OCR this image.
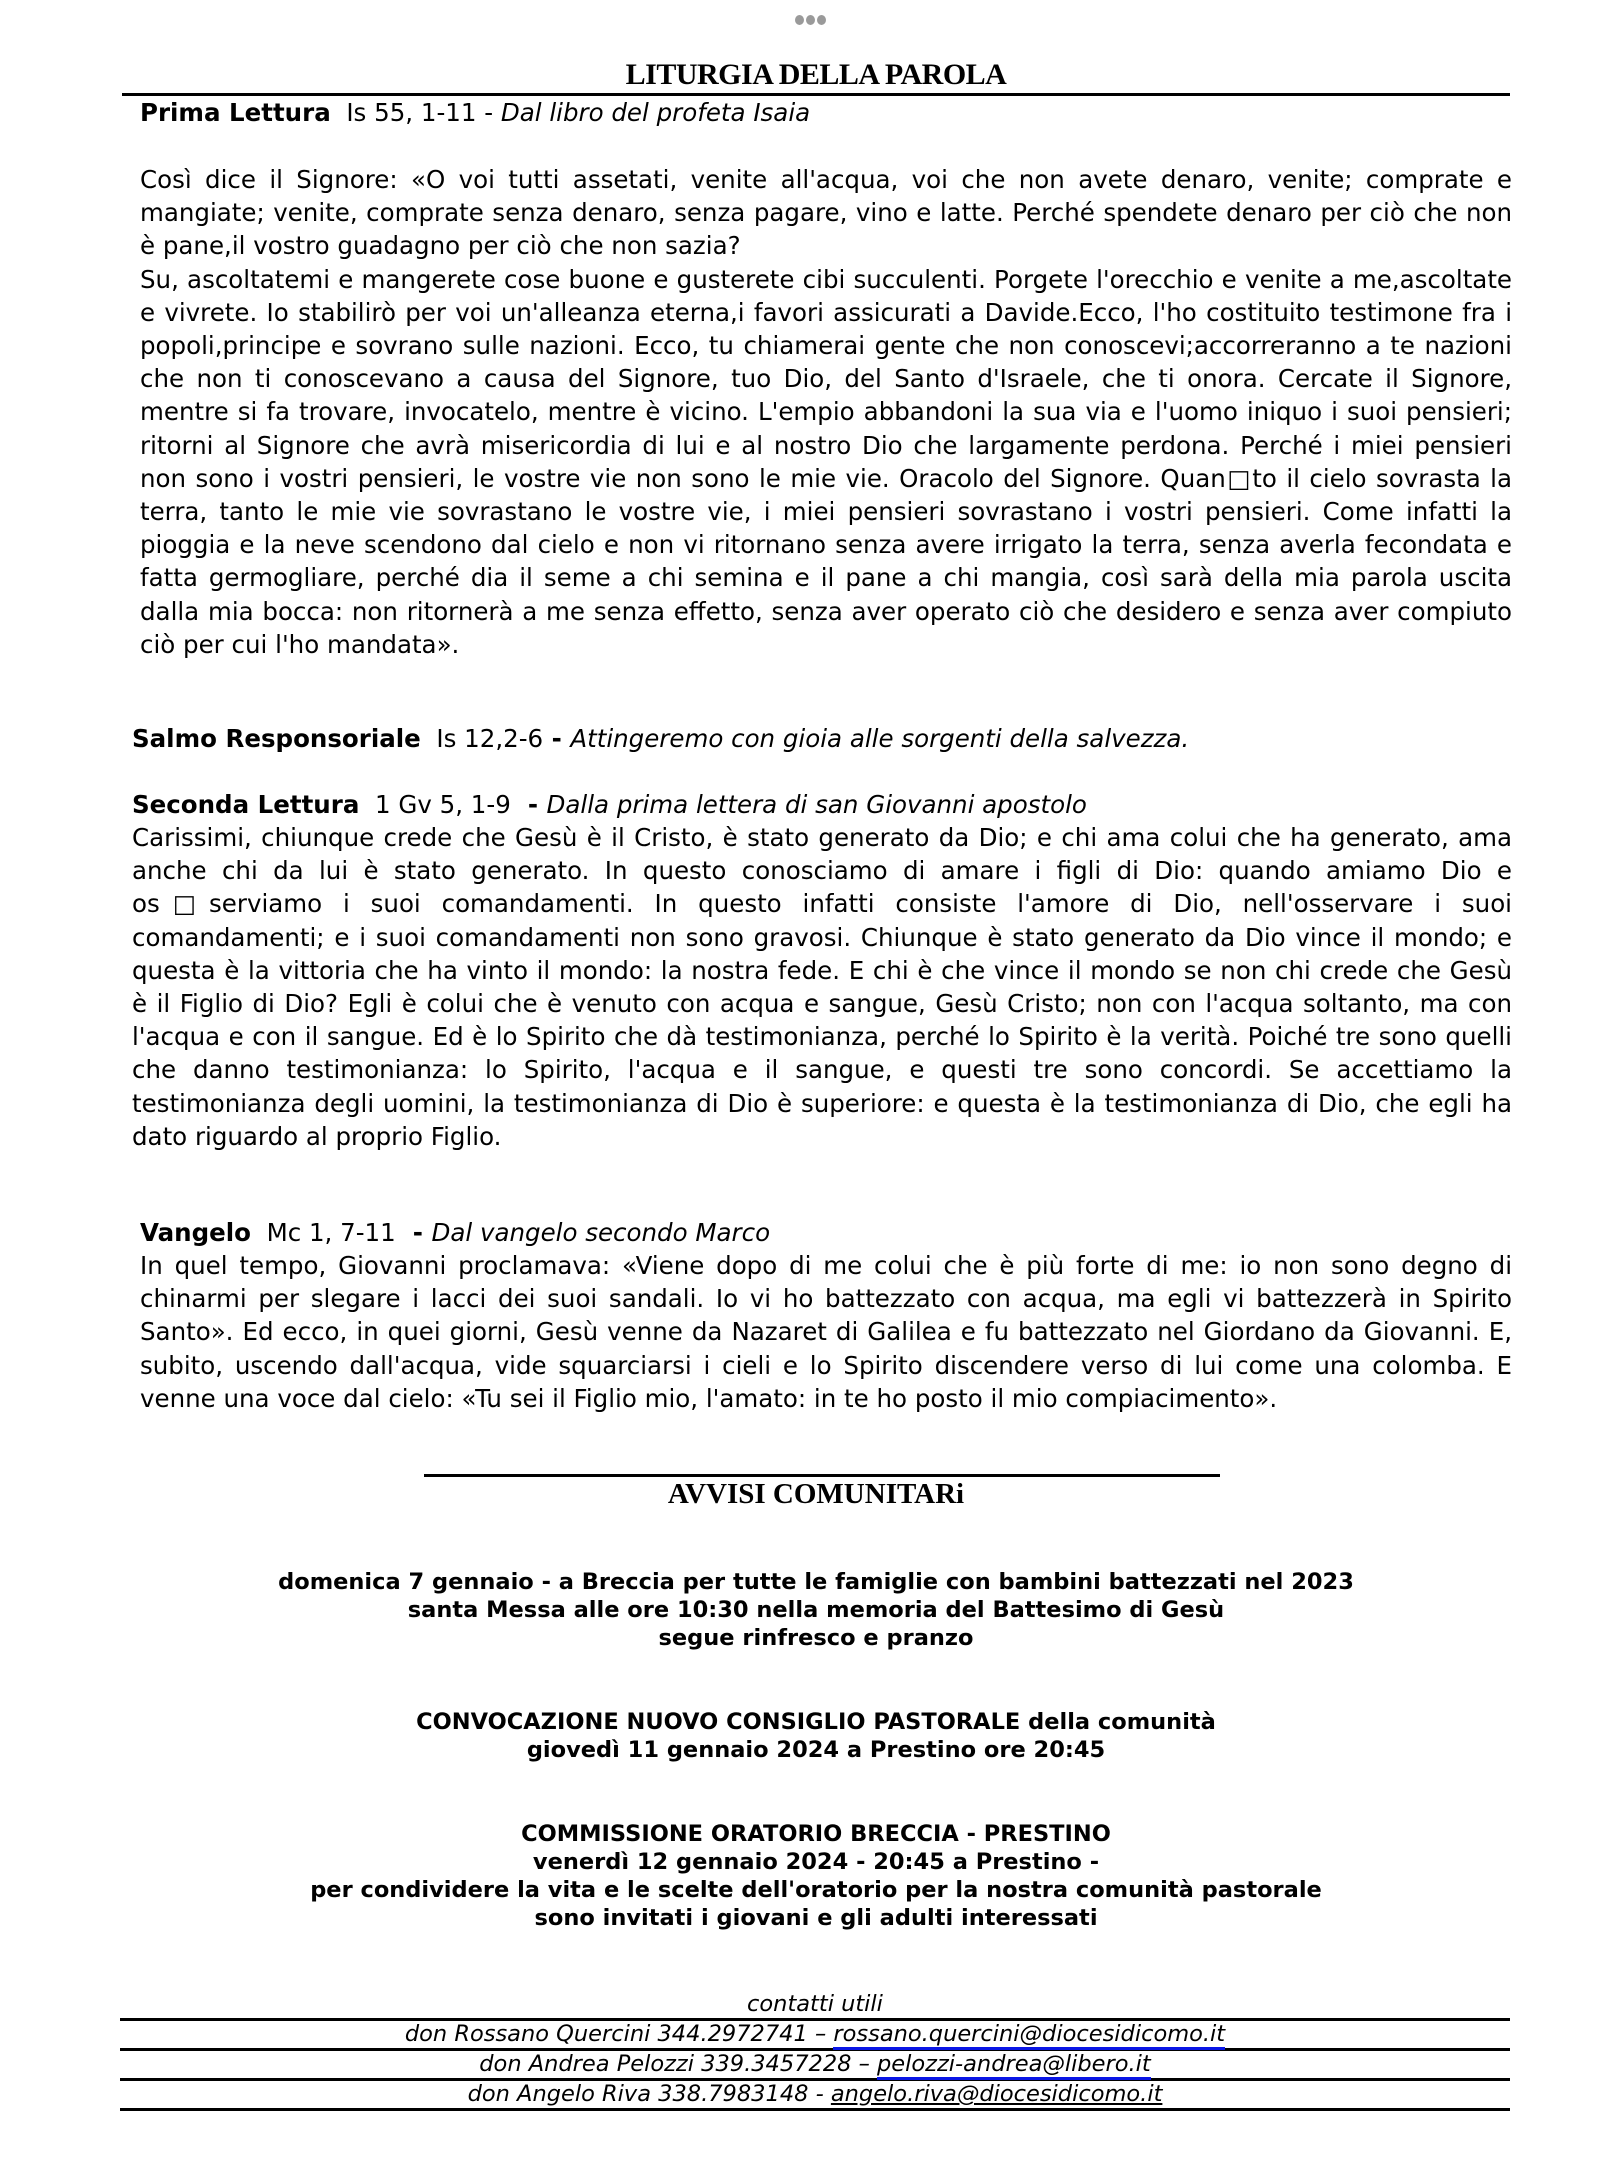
LITURGIA DELLA PAROLA
Prima Lettura Is 55, 1-11 - Dal libro del profeta Isaia
Così dice il Signore: «O voi tutti assetati, venite all'acqua, voi che non avete denaro, venite; comprate e mangiate; venite, comprate senza denaro, senza pagare, vino e latte. Perché spendete denaro per ciò che non è pane,il vostro guadagno per ciò che non sazia?
Su, ascoltatemi e mangerete cose buone e gusterete cibi succulenti. Porgete l'orecchio e venite a me,ascoltate e vivrete. Io stabilirò per voi un'alleanza eterna,i favori assicurati a Davide.Ecco, l'ho costituito testimone fra i popoli,principe e sovrano sulle nazioni. Ecco, tu chiamerai gente che non conoscevi;accorreranno a te nazioni che non ti conoscevano a causa del Signore, tuo Dio, del Santo d'Israele, che ti onora. Cercate il Signore, mentre si fa trovare, invocatelo, mentre è vicino. L'empio abbandoni la sua via e l'uomo iniquo i suoi pensieri; ritorni al Signore che avrà misericordia di lui e al nostro Dio che largamente perdona. Perché i miei pensieri non sono i vostri pensieri, le vostre vie non sono le mie vie. Oracolo del Signore. Quan□to il cielo sovrasta la terra, tanto le mie vie sovrastano le vostre vie, i miei pensieri sovrastano i vostri pensieri. Come infatti la pioggia e la neve scendono dal cielo e non vi ritornano senza avere irrigato la terra, senza averla fecondata e fatta germogliare, perché dia il seme a chi semina e il pane a chi mangia, così sarà della mia parola uscita dalla mia bocca: non ritornerà a me senza effetto, senza aver operato ciò che desidero e senza aver compiuto ciò per cui l'ho mandata».
Salmo Responsoriale Is 12,2-6 - Attingeremo con gioia alle sorgenti della salvezza.
Seconda Lettura 1 Gv 5, 1-9  - Dalla prima lettera di san Giovanni apostolo
Carissimi, chiunque crede che Gesù è il Cristo, è stato generato da Dio; e chi ama colui che ha generato, ama anche chi da lui è stato generato. In questo conosciamo di amare i figli di Dio: quando amiamo Dio e os□serviamo i suoi comandamenti. In questo infatti consiste l'amore di Dio, nell'osservare i suoi comandamenti; e i suoi comandamenti non sono gravosi. Chiunque è stato generato da Dio vince il mondo; e questa è la vittoria che ha vinto il mondo: la nostra fede. E chi è che vince il mondo se non chi crede che Gesù è il Figlio di Dio? Egli è colui che è venuto con acqua e sangue, Gesù Cristo; non con l'acqua soltanto, ma con l'acqua e con il sangue. Ed è lo Spirito che dà testimonianza, perché lo Spirito è la verità. Poiché tre sono quelli che danno testimonianza: lo Spirito, l'acqua e il sangue, e questi tre sono concordi. Se accettiamo la testimonianza degli uomini, la testimonianza di Dio è superiore: e questa è la testimonianza di Dio, che egli ha dato riguardo al proprio Figlio.
Vangelo Mc 1, 7-11  - Dal vangelo secondo Marco
In quel tempo, Giovanni proclamava: «Viene dopo di me colui che è più forte di me: io non sono degno di chinarmi per slegare i lacci dei suoi sandali. Io vi ho battezzato con acqua, ma egli vi battezzerà in Spirito Santo». Ed ecco, in quei giorni, Gesù venne da Nazaret di Galilea e fu battezzato nel Giordano da Giovanni. E, subito, uscendo dall'acqua, vide squarciarsi i cieli e lo Spirito discendere verso di lui come una colomba. E venne una voce dal cielo: «Tu sei il Figlio mio, l'amato: in te ho posto il mio compiacimento».
AVVISI COMUNITARi
domenica 7 gennaio - a Breccia per tutte le famiglie con bambini battezzati nel 2023
santa Messa alle ore 10:30 nella memoria del Battesimo di Gesù
segue rinfresco e pranzo
CONVOCAZIONE NUOVO CONSIGLIO PASTORALE della comunità
giovedì 11 gennaio 2024 a Prestino ore 20:45
COMMISSIONE ORATORIO BRECCIA - PRESTINO
venerdì 12 gennaio 2024 - 20:45 a Prestino -
per condividere la vita e le scelte dell'oratorio per la nostra comunità pastorale
sono invitati i giovani e gli adulti interessati
contatti utili
don Rossano Quercini 344.2972741 – rossano.quercini@diocesidicomo.it
don Andrea Pelozzi 339.3457228 – pelozzi-andrea@libero.it
don Angelo Riva 338.7983148 - angelo.riva@diocesidicomo.it
